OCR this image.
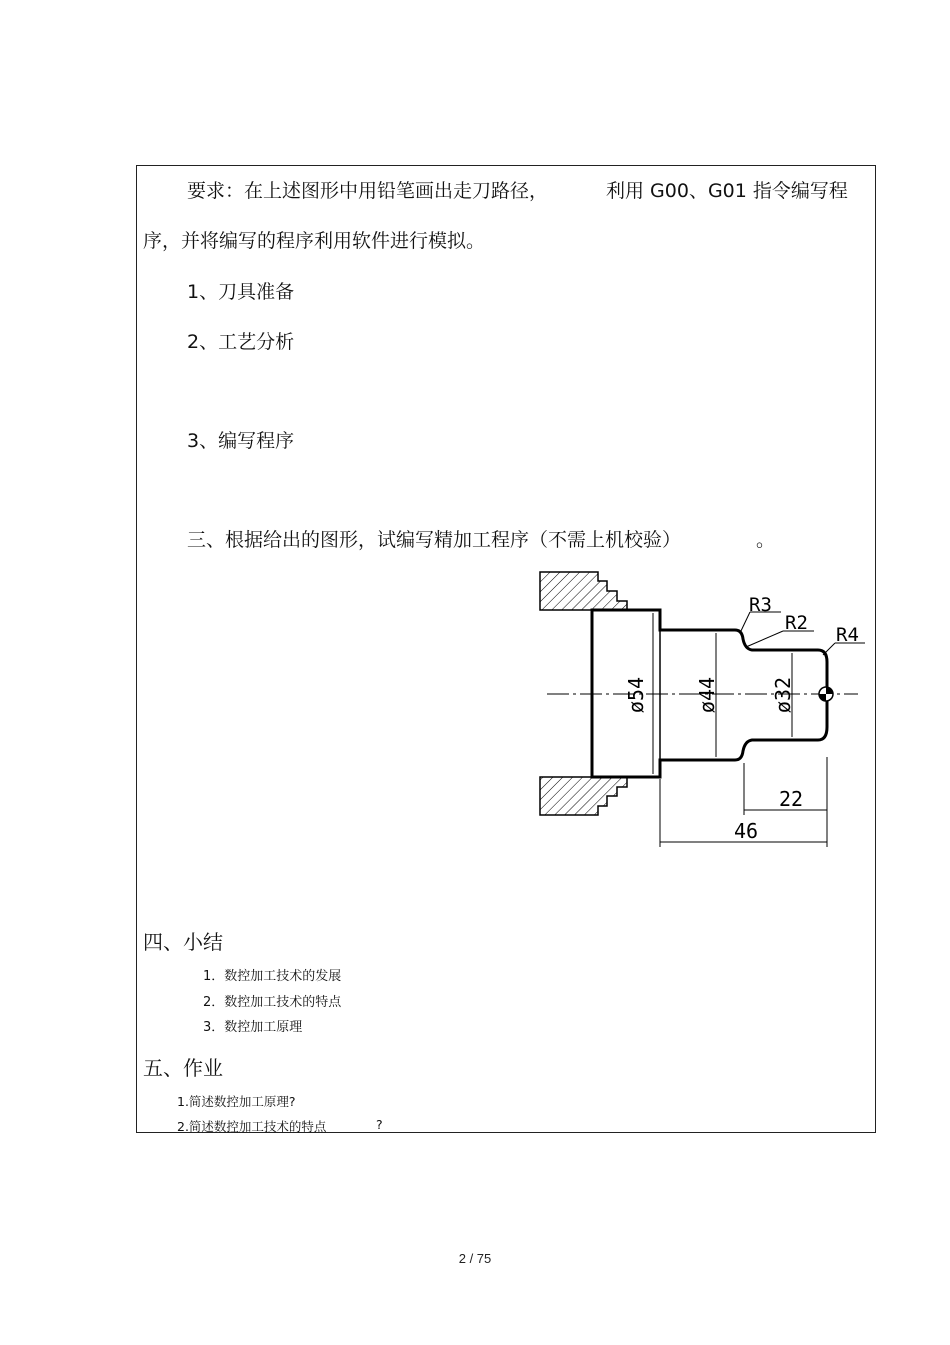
要求：在上述图形中用铅笔画出走刀路径，	利用 G00、G01 指令编写程
序，并将编写的程序利用软件进行模拟。
1、刀具准备
2、工艺分析
3、编写程序
三、根据给出的图形，试编写精加工程序（不需上机校验）	。
ø54 ø44	ø32
R3
R2
R4
22
46
四、小结
1．数控加工技术的发展
2．数控加工技术的特点
3．数控加工原理
五、作业
1.简述数控加工原理?
2.简述数控加工技术的特点	?
2 / 75
